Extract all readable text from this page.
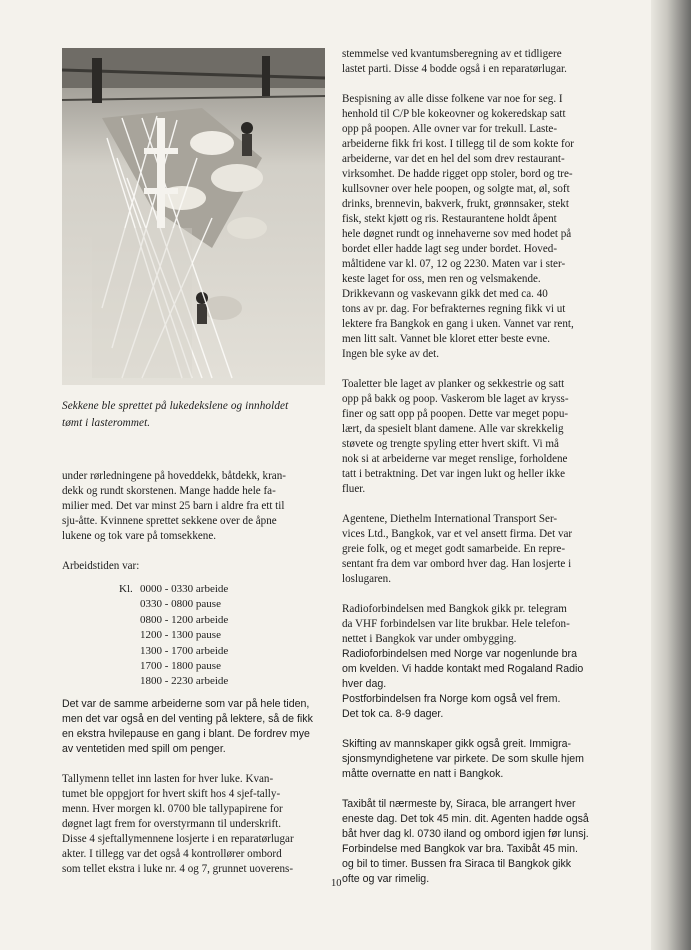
Sekkene ble sprettet på lukedekslene og innholdet
tømt i lasterommet.

under rørledningene på hoveddekk, båtdekk, kran-
dekk og rundt skorstenen. Mange hadde hele fa-
milier med. Det var minst 25 barn i aldre fra ett til
sju-åtte. Kvinnene sprettet sekkene over de åpne
lukene og tok vare på tomsekkene.

Arbeidstiden var:

Kl. 0000 - 0330 arbeide
0330 - 0800 pause
0800 - 1200 arbeide
1200 - 1300 pause
1300 - 1700 arbeide
1700 - 1800 pause
1800 - 2230 arbeide

Det var de samme arbeiderne som var på hele tiden,
men det var også en del venting på lektere, så de fikk
en ekstra hvilepause en gang i blant. De fordrev mye
av ventetiden med spill om penger.

Tallymenn tellet inn lasten for hver luke. Kvan-
tumet ble oppgjort for hvert skift hos 4 sjef-tally-
menn. Hver morgen kl. 0700 ble tallypapirene for
døgnet lagt frem for overstyrmann til underskrift.
Disse 4 sjeftallymennene losjerte i en reparatørlugar
akter. I tillegg var det også 4 kontrollører ombord
som tellet ekstra i luke nr. 4 og 7, grunnet uoverens-

stemmelse ved kvantumsberegning av et tidligere
lastet parti. Disse 4 bodde også i en reparatørlugar.

Bespisning av alle disse folkene var noe for seg. I
henhold til C/P ble kokeovner og kokeredskap satt
opp på poopen. Alle ovner var for trekull. Laste-
arbeiderne fikk fri kost. I tillegg til de som kokte for
arbeiderne, var det en hel del som drev restaurant-
virksomhet. De hadde rigget opp stoler, bord og tre-
kullsovner over hele poopen, og solgte mat, øl, soft
drinks, brennevin, bakverk, frukt, grønnsaker, stekt
fisk, stekt kjøtt og ris. Restaurantene holdt åpent
hele døgnet rundt og innehaverne sov med hodet på
bordet eller hadde lagt seg under bordet. Hoved-
måltidene var kl. 07, 12 og 2230. Maten var i ster-
keste laget for oss, men ren og velsmakende.

Drikkevann og vaskevann gikk det med ca. 40
tons av pr. dag. For befrakternes regning fikk vi ut
lektere fra Bangkok en gang i uken. Vannet var rent,
men litt salt. Vannet ble kloret etter beste evne.
Ingen ble syke av det.

Toaletter ble laget av planker og sekkestrie og satt
opp på bakk og poop. Vaskerom ble laget av kryss-
finer og satt opp på poopen. Dette var meget popu-
lært, da spesielt blant damene. Alle var skrekkelig
støvete og trengte spyling etter hvert skift. Vi må
nok si at arbeiderne var meget renslige, forholdene
tatt i betraktning. Det var ingen lukt og heller ikke
fluer.

Agentene, Diethelm International Transport Ser-
vices Ltd., Bangkok, var et vel ansett firma. Det var
greie folk, og et meget godt samarbeide. En repre-
sentant fra dem var ombord hver dag. Han losjerte i
loslugaren.

Radioforbindelsen med Bangkok gikk pr. telegram
da VHF forbindelsen var lite brukbar. Hele telefon-
nettet i Bangkok var under ombygging.

Radioforbindelsen med Norge var nogenlunde bra
om kvelden. Vi hadde kontakt med Rogaland Radio
hver dag.

Postforbindelsen fra Norge kom også vel frem.
Det tok ca. 8-9 dager.

Skifting av mannskaper gikk også greit. Immigra-
sjonsmyndighetene var pirkete. De som skulle hjem
måtte overnatte en natt i Bangkok.

Taxibåt til nærmeste by, Siraca, ble arrangert hver
eneste dag. Det tok 45 min. dit. Agenten hadde også
båt hver dag kl. 0730 iland og ombord igjen før lunsj.
Forbindelse med Bangkok var bra. Taxibåt 45 min.
og bil to timer. Bussen fra Siraca til Bangkok gikk
ofte og var rimelig.

10
